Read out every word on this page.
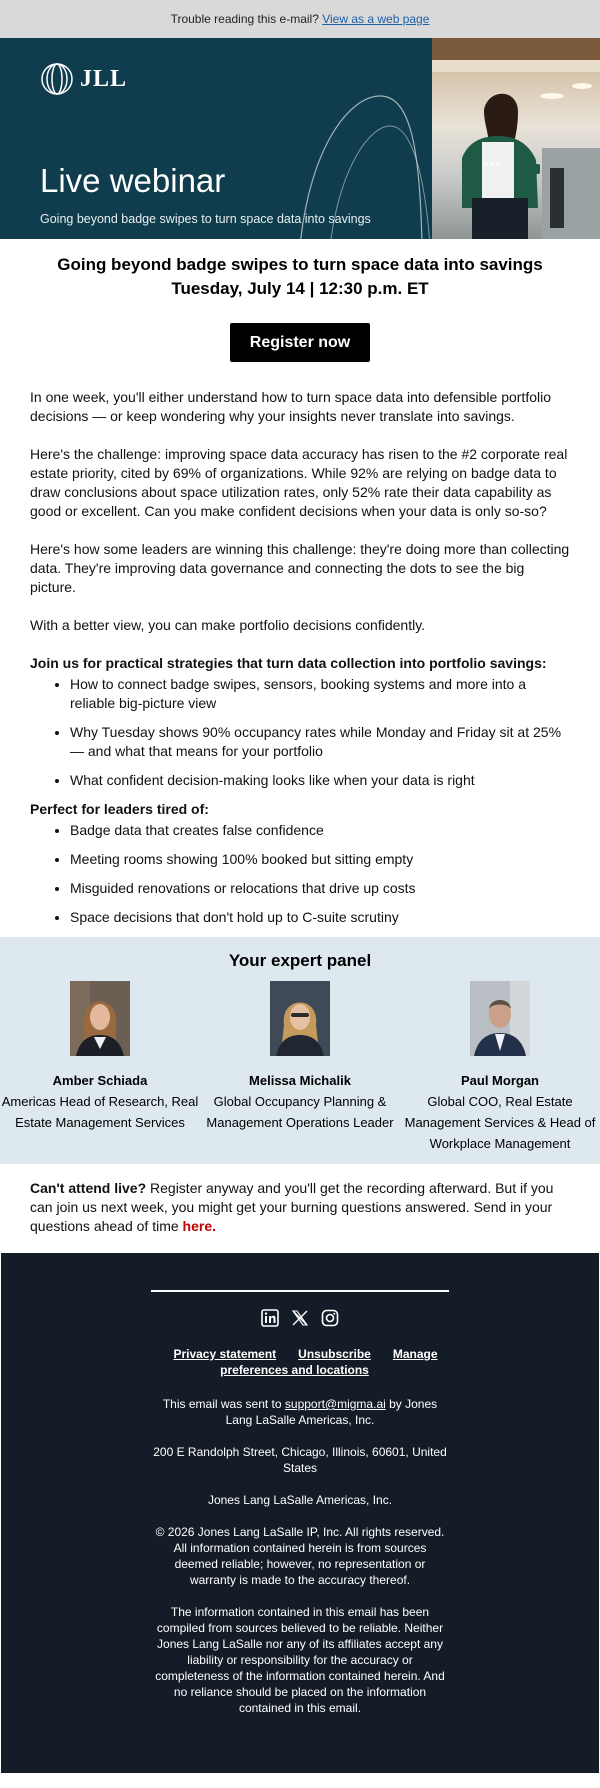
Trouble reading this e-mail? View as a web page
JLL
Live webinar
Going beyond badge swipes to turn space data into savings
Going beyond badge swipes to turn space data into savings
Tuesday, July 14 | 12:30 p.m. ET
Register now

In one week, you'll either understand how to turn space data into defensible portfolio decisions — or keep wondering why your insights never translate into savings.

Here's the challenge: improving space data accuracy has risen to the #2 corporate real estate priority, cited by 69% of organizations. While 92% are relying on badge data to draw conclusions about space utilization rates, only 52% rate their data capability as good or excellent. Can you make confident decisions when your data is only so-so?

Here's how some leaders are winning this challenge: they're doing more than collecting data. They're improving data governance and connecting the dots to see the big picture.

With a better view, you can make portfolio decisions confidently.

Join us for practical strategies that turn data collection into portfolio savings:
• How to connect badge swipes, sensors, booking systems and more into a reliable big-picture view
• Why Tuesday shows 90% occupancy rates while Monday and Friday sit at 25% — and what that means for your portfolio
• What confident decision-making looks like when your data is right
Perfect for leaders tired of:
• Badge data that creates false confidence
• Meeting rooms showing 100% booked but sitting empty
• Misguided renovations or relocations that drive up costs
• Space decisions that don't hold up to C-suite scrutiny
Your expert panel
Amber Schiada
Americas Head of Research, Real Estate Management Services
Melissa Michalik
Global Occupancy Planning & Management Operations Leader
Paul Morgan
Global COO, Real Estate Management Services & Head of Workplace Management
Can't attend live? Register anyway and you'll get the recording afterward. But if you can join us next week, you might get your burning questions answered. Send in your questions ahead of time here.
Privacy statement Unsubscribe Manage preferences and locations

This email was sent to support@migma.ai by Jones Lang LaSalle Americas, Inc.

200 E Randolph Street, Chicago, Illinois, 60601, United States

Jones Lang LaSalle Americas, Inc.

© 2026 Jones Lang LaSalle IP, Inc. All rights reserved. All information contained herein is from sources deemed reliable; however, no representation or warranty is made to the accuracy thereof.

The information contained in this email has been compiled from sources believed to be reliable. Neither Jones Lang LaSalle nor any of its affiliates accept any liability or responsibility for the accuracy or completeness of the information contained herein. And no reliance should be placed on the information contained in this email.
